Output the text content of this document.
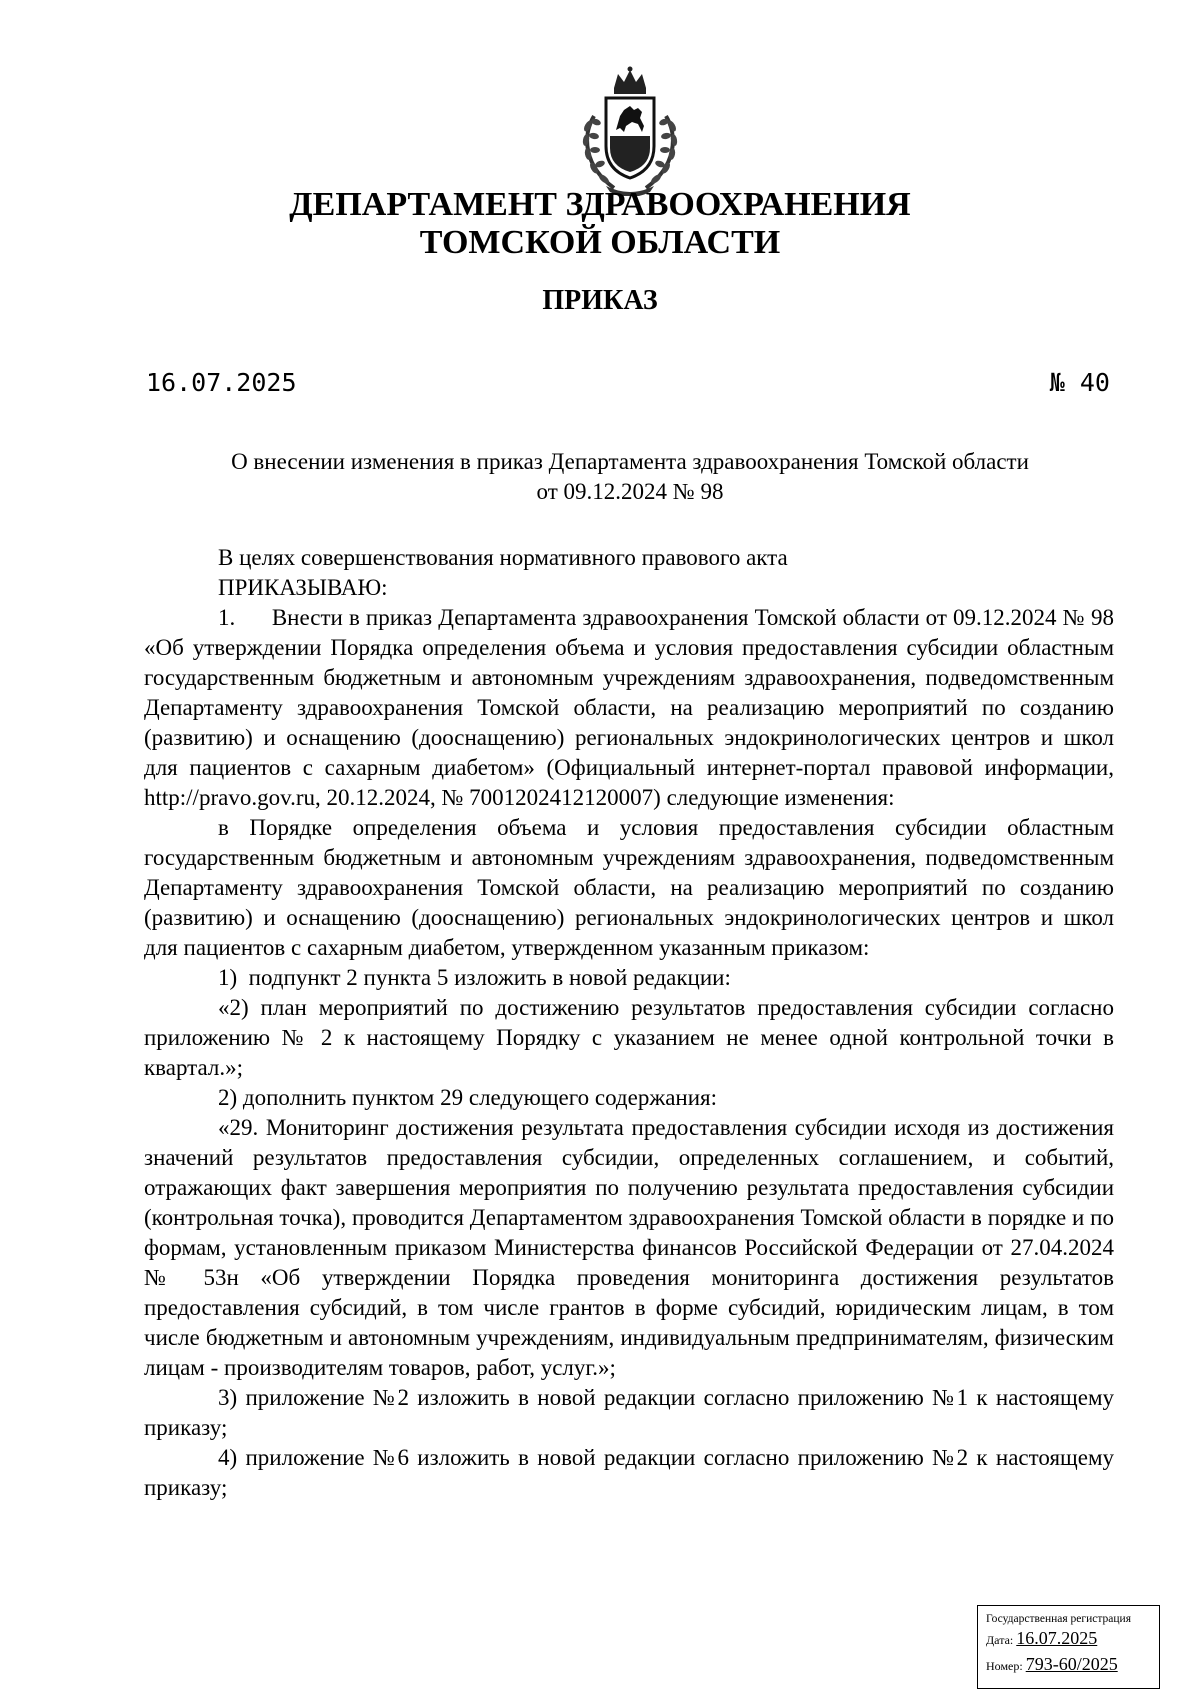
ДЕПАРТАМЕНТ ЗДРАВООХРАНЕНИЯ
ТОМСКОЙ ОБЛАСТИ
ПРИКАЗ
16.07.2025	№ 40
О внесении изменения в приказ Департамента здравоохранения Томской области
от 09.12.2024 № 98

В целях совершенствования нормативного правового акта

ПРИКАЗЫВАЮ:

1.      Внести в приказ Департамента здравоохранения Томской области от 09.12.2024 № 98 «Об утверждении Порядка определения объема и условия предоставления субсидии областным государственным бюджетным и автономным учреждениям здравоохранения, подведомственным Департаменту здравоохранения Томской области, на реализацию мероприятий по созданию (развитию) и оснащению (дооснащению) региональных эндокринологических центров и школ для пациентов с сахарным диабетом» (Официальный интернет-портал правовой информации, http://pravo.gov.ru, 20.12.2024, № 7001202412120007) следующие изменения:

в Порядке определения объема и условия предоставления субсидии областным государственным бюджетным и автономным учреждениям здравоохранения, подведомственным Департаменту здравоохранения Томской области, на реализацию мероприятий по созданию (развитию) и оснащению (дооснащению) региональных эндокринологических центров и школ для пациентов с сахарным диабетом, утвержденном указанным приказом:

1)  подпункт 2 пункта 5 изложить в новой редакции:

«2) план мероприятий по достижению результатов предоставления субсидии согласно приложению № 2 к настоящему Порядку с указанием не менее одной контрольной точки в квартал.»;

2) дополнить пунктом 29 следующего содержания:

«29. Мониторинг достижения результата предоставления субсидии исходя из достижения значений результатов предоставления субсидии, определенных соглашением, и событий, отражающих факт завершения мероприятия по получению результата предоставления субсидии (контрольная точка), проводится Департаментом здравоохранения Томской области в порядке и по формам, установленным приказом Министерства финансов Российской Федерации от 27.04.2024 № 53н «Об утверждении Порядка проведения мониторинга достижения результатов предоставления субсидий, в том числе грантов в форме субсидий, юридическим лицам, в том числе бюджетным и автономным учреждениям, индивидуальным предпринимателям, физическим лицам - производителям товаров, работ, услуг.»;

3) приложение №2 изложить в новой редакции согласно приложению №1 к настоящему приказу;

4) приложение №6 изложить в новой редакции согласно приложению №2 к настоящему приказу;

Государственная регистрация
Дата: 16.07.2025
Номер: 793-60/2025
